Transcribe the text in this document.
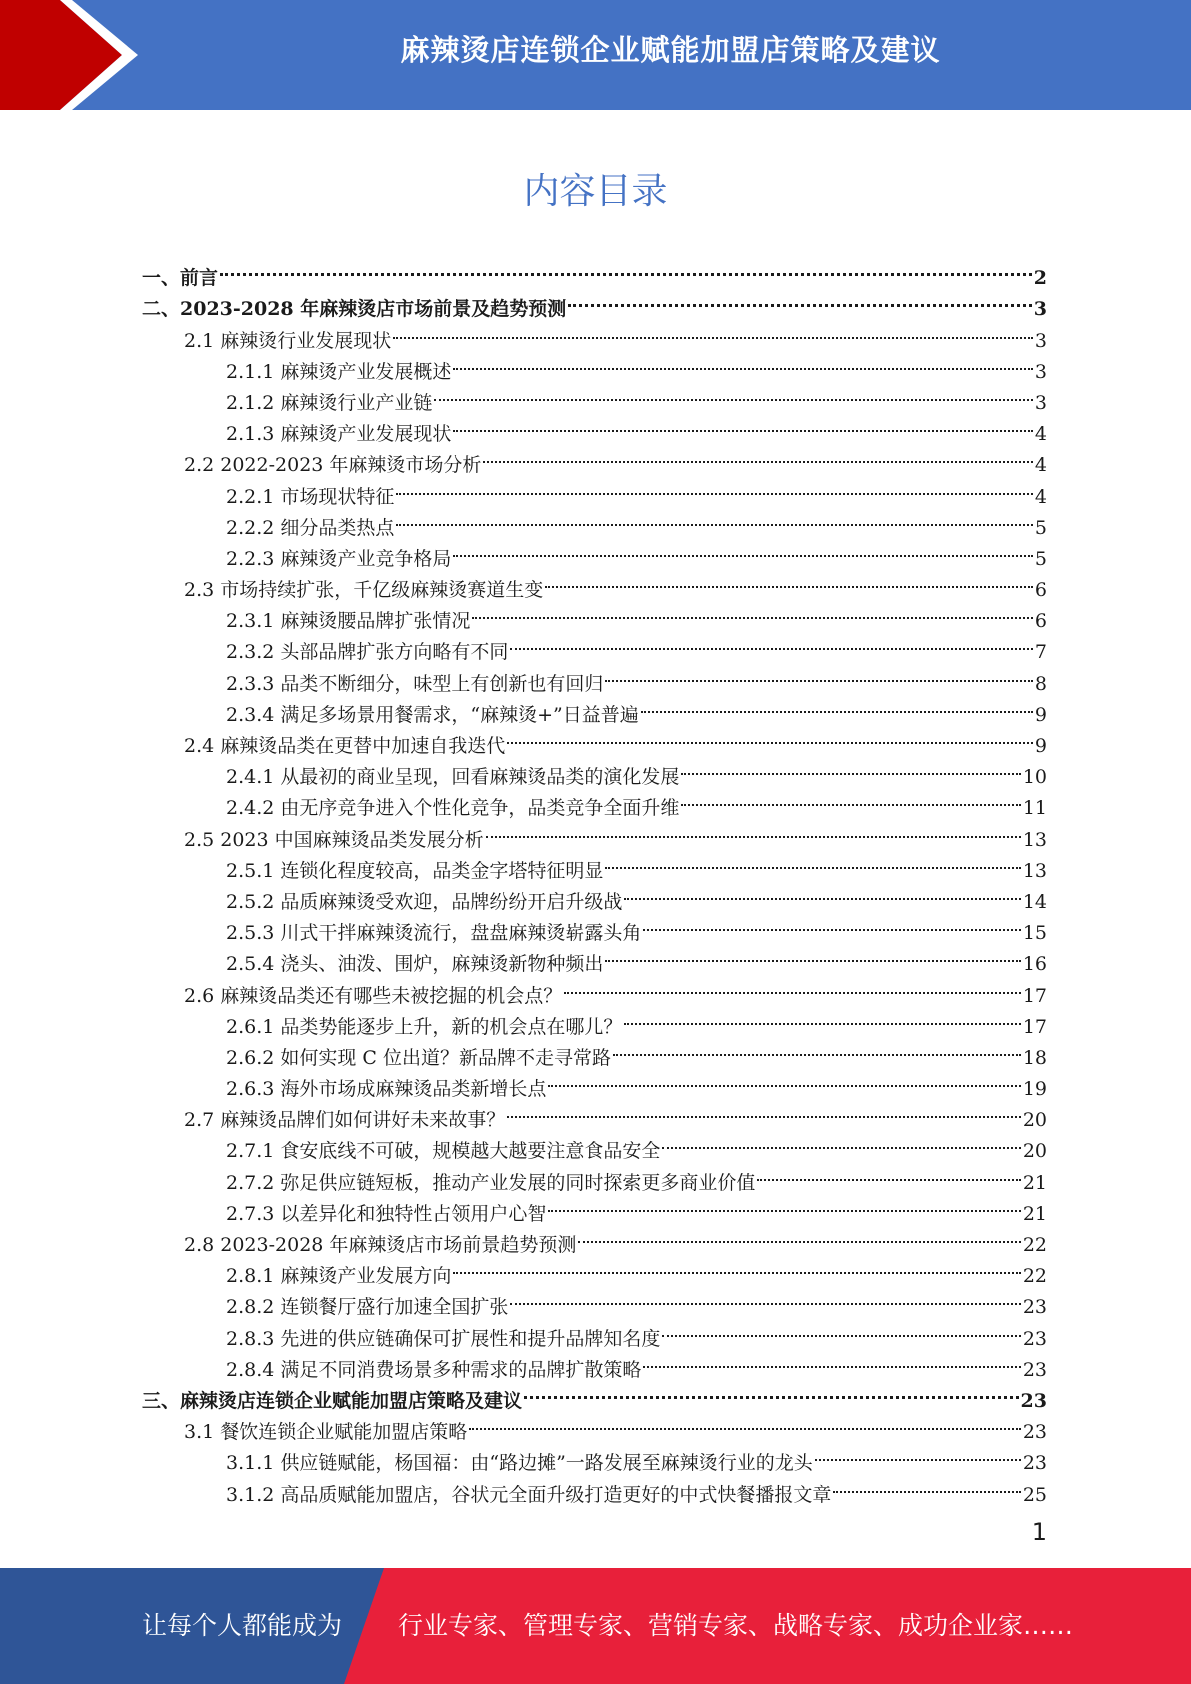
麻辣烫店连锁企业赋能加盟店策略及建议
内容目录
一、前言	2
二、2023-2028 年麻辣烫店市场前景及趋势预测	3
2.1 麻辣烫行业发展现状	3
2.1.1 麻辣烫产业发展概述	3
2.1.2 麻辣烫行业产业链	3
2.1.3 麻辣烫产业发展现状	4
2.2 2022-2023 年麻辣烫市场分析	4
2.2.1 市场现状特征	4
2.2.2 细分品类热点	5
2.2.3 麻辣烫产业竞争格局	5
2.3 市场持续扩张，千亿级麻辣烫赛道生变	6
2.3.1 麻辣烫腰品牌扩张情况	6
2.3.2 头部品牌扩张方向略有不同	7
2.3.3 品类不断细分，味型上有创新也有回归	8
2.3.4 满足多场景用餐需求，“麻辣烫+”日益普遍	9
2.4 麻辣烫品类在更替中加速自我迭代	9
2.4.1 从最初的商业呈现，回看麻辣烫品类的演化发展	10
2.4.2 由无序竞争进入个性化竞争，品类竞争全面升维	11
2.5 2023 中国麻辣烫品类发展分析	13
2.5.1 连锁化程度较高，品类金字塔特征明显	13
2.5.2 品质麻辣烫受欢迎，品牌纷纷开启升级战	14
2.5.3 川式干拌麻辣烫流行，盘盘麻辣烫崭露头角	15
2.5.4 浇头、油泼、围炉，麻辣烫新物种频出	16
2.6 麻辣烫品类还有哪些未被挖掘的机会点？	17
2.6.1 品类势能逐步上升，新的机会点在哪儿？	17
2.6.2 如何实现 C 位出道？新品牌不走寻常路	18
2.6.3 海外市场成麻辣烫品类新增长点	19
2.7 麻辣烫品牌们如何讲好未来故事？	20
2.7.1 食安底线不可破，规模越大越要注意食品安全	20
2.7.2 弥足供应链短板，推动产业发展的同时探索更多商业价值	21
2.7.3 以差异化和独特性占领用户心智	21
2.8 2023-2028 年麻辣烫店市场前景趋势预测	22
2.8.1 麻辣烫产业发展方向	22
2.8.2 连锁餐厅盛行加速全国扩张	23
2.8.3 先进的供应链确保可扩展性和提升品牌知名度	23
2.8.4 满足不同消费场景多种需求的品牌扩散策略	23
三、麻辣烫店连锁企业赋能加盟店策略及建议	23
3.1 餐饮连锁企业赋能加盟店策略	23
3.1.1 供应链赋能，杨国福：由“路边摊”一路发展至麻辣烫行业的龙头	23
3.1.2 高品质赋能加盟店，谷状元全面升级打造更好的中式快餐播报文章	25
1
让每个人都能成为 行业专家、管理专家、营销专家、战略专家、成功企业家……
